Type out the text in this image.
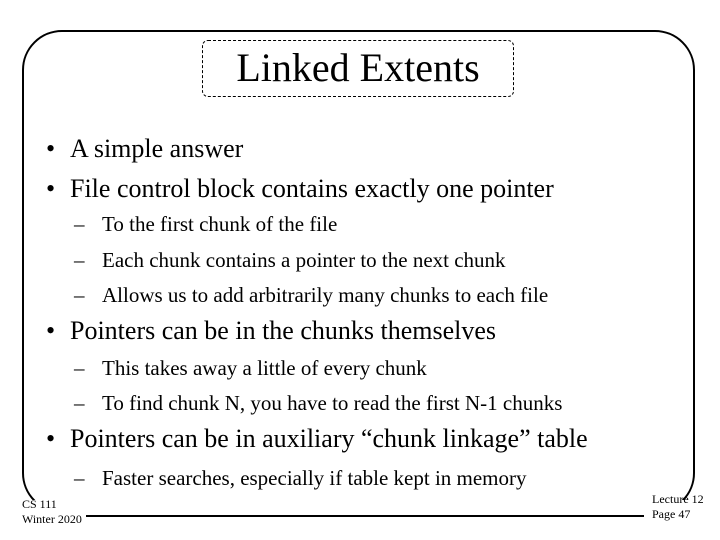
Linked Extents
• A simple answer
• File control block contains exactly one pointer
– To the first chunk of the file
– Each chunk contains a pointer to the next chunk
– Allows us to add arbitrarily many chunks to each file
• Pointers can be in the chunks themselves
– This takes away a little of every chunk
– To find chunk N, you have to read the first N-1 chunks
• Pointers can be in auxiliary “chunk linkage” table
– Faster searches, especially if table kept in memory
CS 111
Winter 2020
Lecture 12
Page 47
